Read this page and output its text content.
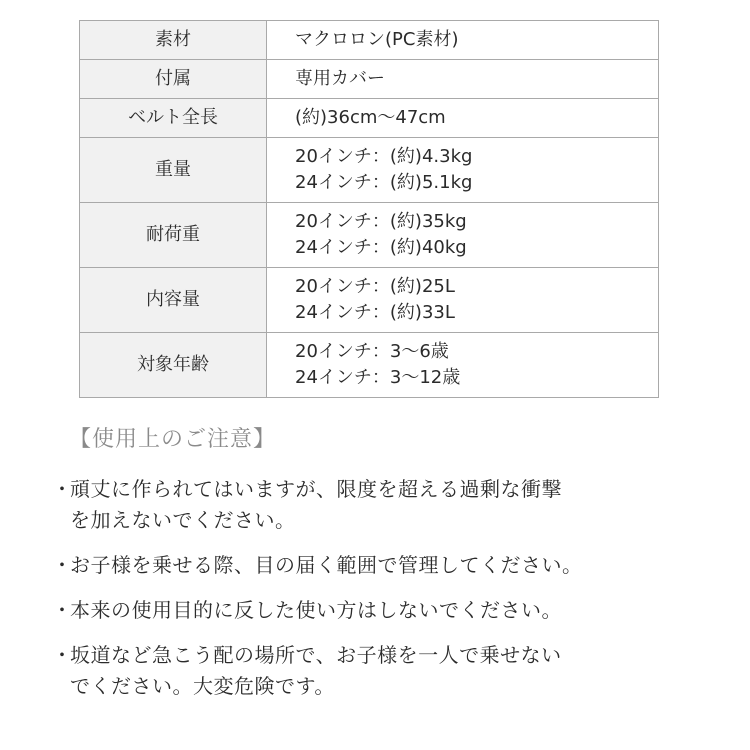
素材	マクロロン(PC素材)

付属	専用カバー

ベルト全長	(約)36cm〜47cm

重量	20インチ：(約)4.3kg
24インチ：(約)5.1kg

耐荷重	20インチ：(約)35kg
24インチ：(約)40kg

内容量	20インチ：(約)25L
24インチ：(約)33L

対象年齢	20インチ：3〜6歳
24インチ：3〜12歳
【使用上のご注意】
・
頑丈に作られてはいますが、限度を超える過剰な衝撃
を加えないでください。
・
お子様を乗せる際、目の届く範囲で管理してください。
・
本来の使用目的に反した使い方はしないでください。
・
坂道など急こう配の場所で、お子様を一人で乗せない
でください。大変危険です。
